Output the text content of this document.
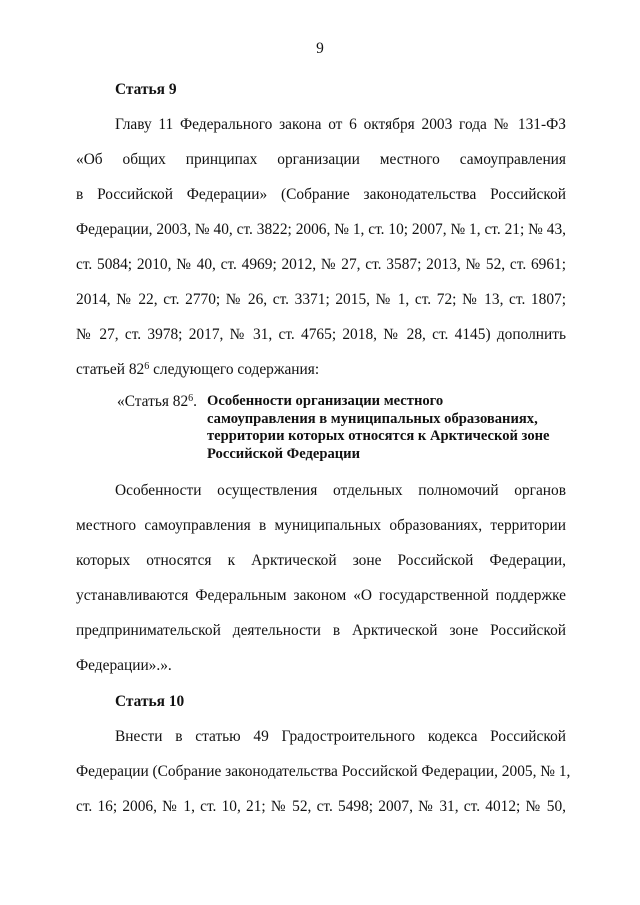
9
Статья 9
Главу 11 Федерального закона от 6 октября 2003 года № 131-ФЗ
«Об общих принципах организации местного самоуправления
в Российской Федерации» (Собрание законодательства Российской
Федерации, 2003, № 40, ст. 3822; 2006, № 1, ст. 10; 2007, № 1, ст. 21; № 43,
ст. 5084; 2010, № 40, ст. 4969; 2012, № 27, ст. 3587; 2013, № 52, ст. 6961;
2014, № 22, ст. 2770; № 26, ст. 3371; 2015, № 1, ст. 72; № 13, ст. 1807;
№ 27, ст. 3978; 2017, № 31, ст. 4765; 2018, № 28, ст. 4145) дополнить
статьей $82^6$ следующего содержания:
«Статья $82^6$. Особенности организации местного
самоуправления в муниципальных образованиях,
территории которых относятся к Арктической зоне
Российской Федерации
Особенности осуществления отдельных полномочий органов
местного самоуправления в муниципальных образованиях, территории
которых относятся к Арктической зоне Российской Федерации,
устанавливаются Федеральным законом «О государственной поддержке
предпринимательской деятельности в Арктической зоне Российской
Федерации».».
Статья 10
Внести в статью 49 Градостроительного кодекса Российской
Федерации (Собрание законодательства Российской Федерации, 2005, № 1,
ст. 16; 2006, № 1, ст. 10, 21; № 52, ст. 5498; 2007, № 31, ст. 4012; № 50,
